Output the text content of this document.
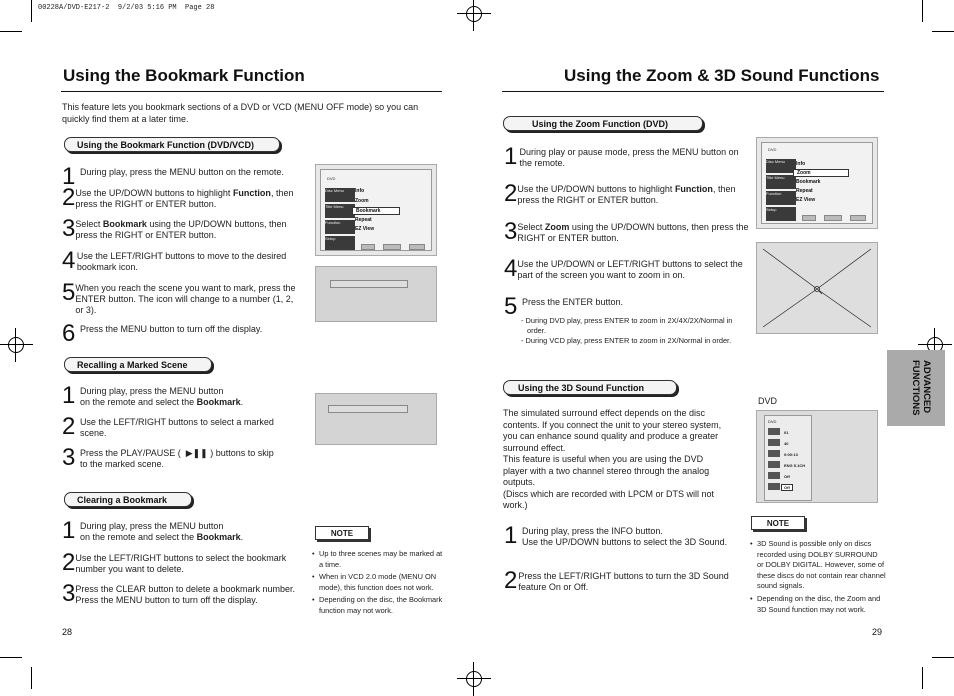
00228A/DVD-E217-2  9/2/03 5:16 PM  Page 28
Using the Bookmark Function
This feature lets you bookmark sections of a DVD or VCD (MENU OFF mode) so you can quickly find them at a later time.
Using the Bookmark Function (DVD/VCD)
1 During play, press the MENU button on the remote.
2 Use the UP/DOWN buttons to highlight Function, then press the RIGHT or ENTER button.
3 Select Bookmark using the UP/DOWN buttons, then press the RIGHT or ENTER button.
4 Use the LEFT/RIGHT buttons to move to the desired bookmark icon.
5 When you reach the scene you want to mark, press the ENTER button. The icon will change to a number (1, 2, or 3).
6 Press the MENU button to turn off the display.
DVD
Disc Menu
Title Menu
Function
Setup
Info
Zoom
Bookmark
Repeat
EZ View
Recalling a Marked Scene
1 During play, press the MENU button
on the remote and select the Bookmark.
2 Use the LEFT/RIGHT buttons to select a marked scene.
3 Press the PLAY/PAUSE (  ▶❚❚ ) buttons to skip
to the marked scene.
Clearing a Bookmark
1 During play, press the MENU button
on the remote and select the Bookmark.
2 Use the LEFT/RIGHT buttons to select the bookmark number you want to delete.
3 Press the CLEAR button to delete a bookmark number. Press the MENU button to turn off the display.
NOTE
• Up to three scenes may be marked at a time.
• When in VCD 2.0 mode (MENU ON mode), this function does not work.
• Depending on the disc, the Bookmark function may not work.
28
Using the Zoom & 3D Sound Functions
Using the Zoom Function (DVD)
1 During play or pause mode, press the MENU button on the remote.
2 Use the UP/DOWN buttons to highlight Function, then press the RIGHT or ENTER button.
3 Select Zoom using the UP/DOWN buttons, then press the RIGHT or ENTER button.
4 Use the UP/DOWN or LEFT/RIGHT buttons to select the part of the screen you want to zoom in on.
5 Press the ENTER button.
- During DVD play, press ENTER to zoom in 2X/4X/2X/Normal in order.
- During VCD play, press ENTER to zoom in 2X/Normal in order.
DVD
Disc Menu
Title Menu
Function
Setup
Info
Zoom
Bookmark
Repeat
EZ View
Using the 3D Sound Function
The simulated surround effect depends on the disc contents. If you connect the unit to your stereo system, you can enhance sound quality and produce a greater surround effect.
This feature is useful when you are using the DVD player with a two channel stereo through the analog outputs.
(Discs which are recorded with LPCM or DTS will not work.)
1 During play, press the INFO button.
Use the UP/DOWN buttons to select the 3D Sound.
2 Press the LEFT/RIGHT buttons to turn the 3D Sound feature On or Off.
DVD
DVD
01
40
0:00:13
ENG 5.1CH
Off
Off
NOTE
• 3D Sound is possible only on discs recorded using DOLBY SURROUND or DOLBY DIGITAL. However, some of these discs do not contain rear channel sound signals.
• Depending on the disc, the Zoom and 3D Sound function may not work.
29
ADVANCED FUNCTIONS
